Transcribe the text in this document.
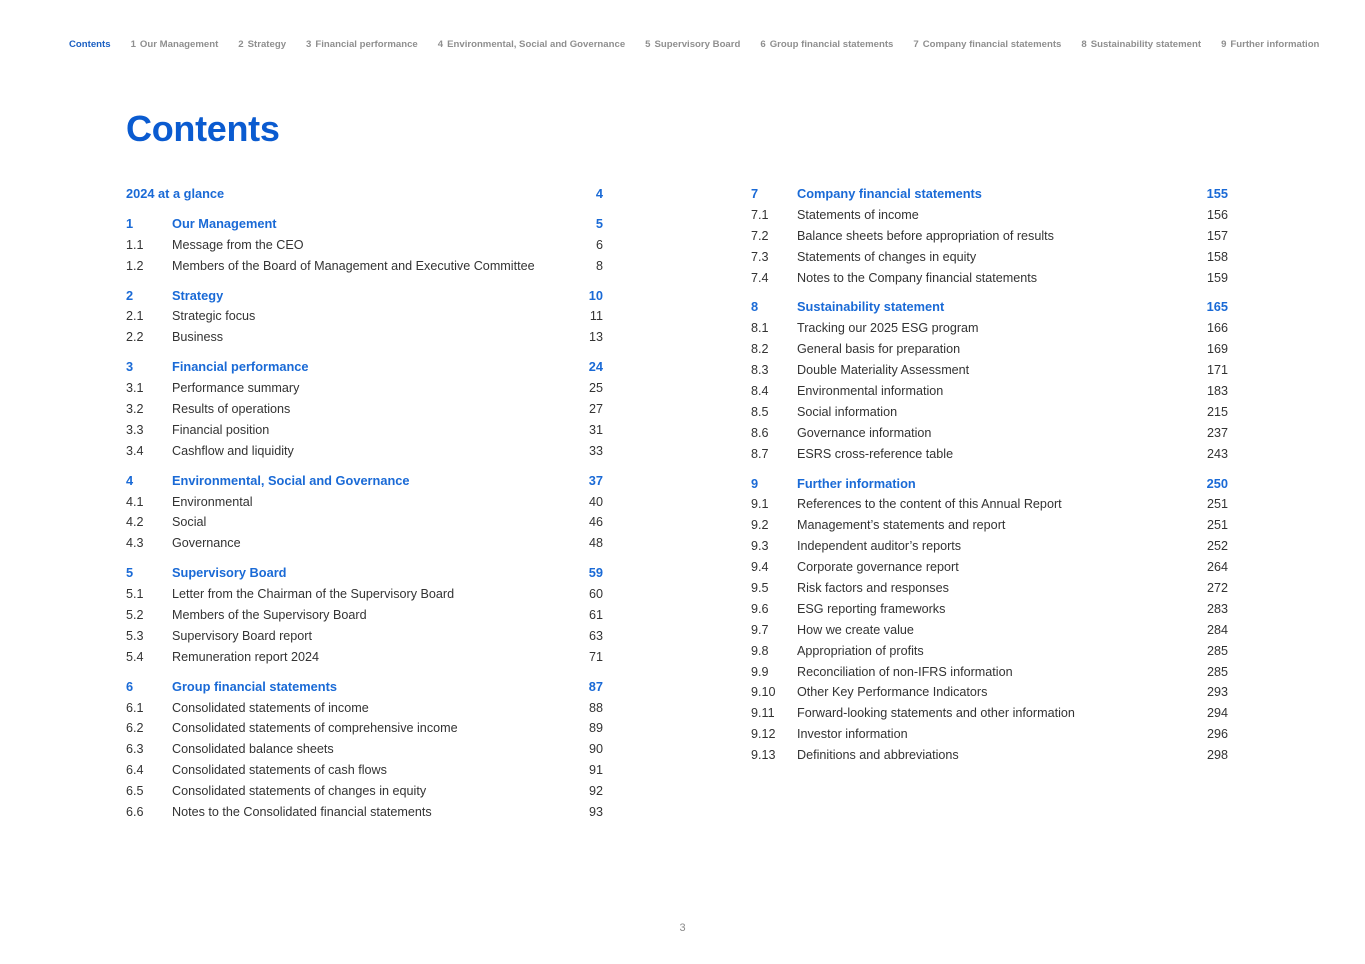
Contents 1 Our Management 2 Strategy 3 Financial performance 4 Environmental, Social and Governance 5 Supervisory Board 6 Group financial statements 7 Company financial statements 8 Sustainability statement 9 Further information
Contents
2024 at a glance	4
1	Our Management	5
1.1 Message from the CEO	6
1.2 Members of the Board of Management and Executive Committee	8
2	Strategy	10
2.1 Strategic focus	11
2.2 Business	13
3	Financial performance	24
3.1 Performance summary	25
3.2 Results of operations	27
3.3 Financial position	31
3.4 Cashflow and liquidity	33
4	Environmental, Social and Governance	37
4.1 Environmental	40
4.2 Social	46
4.3 Governance	48
5	Supervisory Board	59
5.1 Letter from the Chairman of the Supervisory Board	60
5.2 Members of the Supervisory Board	61
5.3 Supervisory Board report	63
5.4 Remuneration report 2024	71
6	Group financial statements	87
6.1 Consolidated statements of income	88
6.2 Consolidated statements of comprehensive income	89
6.3 Consolidated balance sheets	90
6.4 Consolidated statements of cash flows	91
6.5 Consolidated statements of changes in equity	92
6.6 Notes to the Consolidated financial statements	93
7	Company financial statements	155
7.1 Statements of income	156
7.2 Balance sheets before appropriation of results	157
7.3 Statements of changes in equity	158
7.4 Notes to the Company financial statements	159
8	Sustainability statement	165
8.1 Tracking our 2025 ESG program	166
8.2 General basis for preparation	169
8.3 Double Materiality Assessment	171
8.4 Environmental information	183
8.5 Social information	215
8.6 Governance information	237
8.7 ESRS cross-reference table	243
9	Further information	250
9.1 References to the content of this Annual Report	251
9.2 Management’s statements and report	251
9.3 Independent auditor’s reports	252
9.4 Corporate governance report	264
9.5 Risk factors and responses	272
9.6 ESG reporting frameworks	283
9.7 How we create value	284
9.8 Appropriation of profits	285
9.9 Reconciliation of non-IFRS information	285
9.10 Other Key Performance Indicators	293
9.11 Forward-looking statements and other information	294
9.12 Investor information	296
9.13 Definitions and abbreviations	298
3
